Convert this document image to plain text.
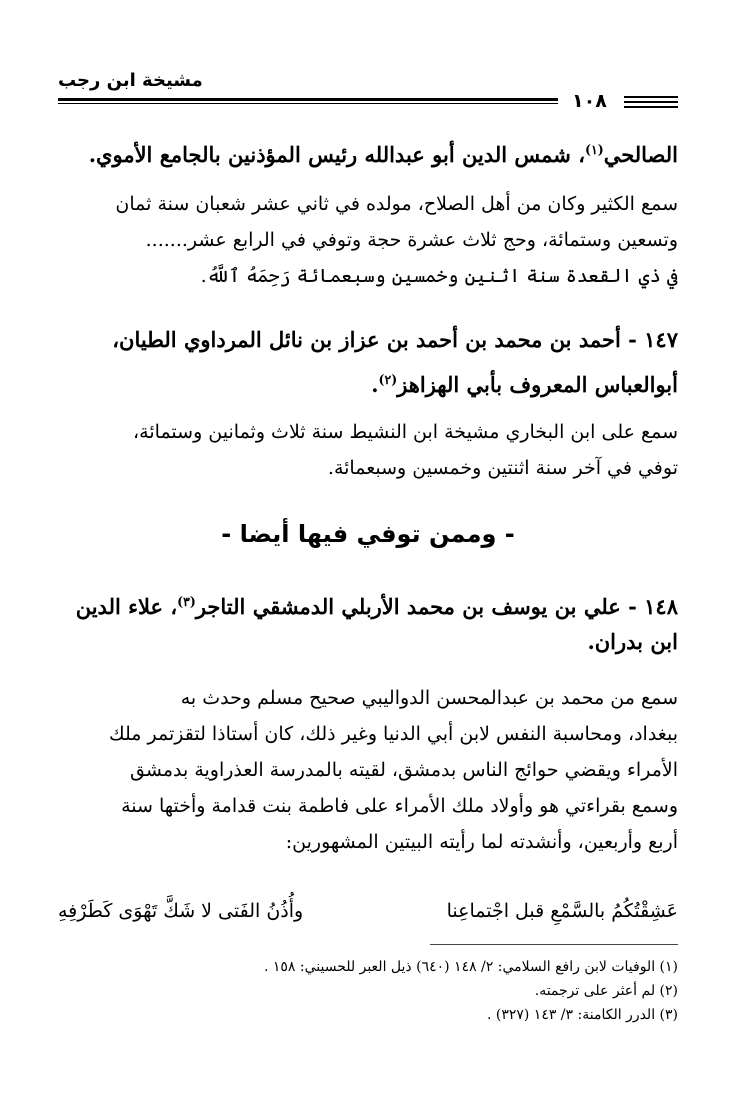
مشيخة ابن رجب
١٠٨
الصالحي$^{(١)}$، شمس الدين أبو عبدالله رئيس المؤذنين بالجامع الأموي.
سمع الكثير وكان من أهل الصلاح، مولده في ثاني عشر شعبان سنة ثمان
وتسعين وستمائة، وحج ثلاث عشرة حجة وتوفي في الرابع عشر.......
في ذي القعدة سنة اثنين وخمسين وسبعمائة رَحِمَهُ ٱللَّهُ.
١٤٧ - أحمد بن محمد بن أحمد بن عزاز بن نائل المرداوي الطيان،
أبوالعباس المعروف بأبي الهزاهز$^{(٢)}$.
سمع على ابن البخاري مشيخة ابن النشيط سنة ثلاث وثمانين وستمائة،
توفي في آخر سنة اثنتين وخمسين وسبعمائة.
- وممن توفي فيها أيضا -
١٤٨ - علي بن يوسف بن محمد الأربلي الدمشقي التاجر$^{(٣)}$، علاء الدين
ابن بدران.
سمع من محمد بن عبدالمحسن الدواليبي صحيح مسلم وحدث به
ببغداد، ومحاسبة النفس لابن أبي الدنيا وغير ذلك، كان أستاذا لتقزتمر ملك
الأمراء ويقضي حوائج الناس بدمشق، لقيته بالمدرسة العذراوية بدمشق
وسمع بقراءتي هو وأولاد ملك الأمراء على فاطمة بنت قدامة وأختها سنة
أربع وأربعين، وأنشدته لما رأيته البيتين المشهورين:
عَشِقْتُكُمُ بالسَّمْعِ قبل اجْتماعِنا
وأُذُنُ الفَتى لا شَكَّ تَهْوَى كَطَرْفِهِ
(١) الوفيات لابن رافع السلامي: ٢/ ١٤٨ (٦٤٠) ذيل العبر للحسيني: ١٥٨ .
(٢) لم أعثر على ترجمته.
(٣) الدرر الكامنة: ٣/ ١٤٣ (٣٢٧) .
